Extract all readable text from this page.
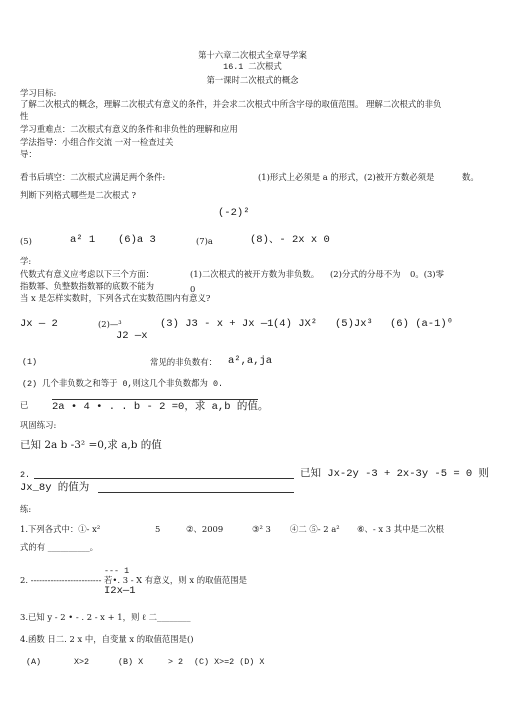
第十六章二次根式全章导学案
16.1 二次根式
第一课时二次根式的概念
学习目标:
了解二次根式的概念，理解二次根式有意义的条件，并会求二次根式中所含字母的取值范围。 理解二次根式的非负
性
学习重难点：二次根式有意义的条件和非负性的理解和应用
学法指导：小组合作交流 一对一检查过关
导：
看书后填空：二次根式应满足两个条件:	(1)形式上必须是 a 的形式，(2)被开方数必须是	数。
判断下列格式哪些是二次根式 ?
(-2)²
(5)	a² 1 (6)a 3	(7)a	(8)、- 2x x 0
学:
代数式有意义应考虑以下三个方面：	(1)二次根式的被开方数为非负数。 (2)分式的分母不为 0。(3)零
指数幂、负整数指数幂的底数不能为	0
当 x 是怎样实数时，下列各式在实数范围内有意义?
Jx — 2	(2)—³
J2 —x
(3) J3 - x + Jx —1 (4) JX² (5)Jx³ (6) (a-1)⁰
(1)	常见的非负数有： a²,a,ja
(2) 几个非负数之和等于 0,则这几个非负数都为 0.
已 2a • 4 • . . b - 2 =0，求 a,b 的值。
巩固练习:
已知 2a b -3² =0,求 a,b 的值
2.	已知 Jx-2y -3 + 2x-3y -5 = 0 则
Jx_8y 的值为
练:
1.下列各式中：①- x²	5	②、2009	③² 3 ④二 ⑤- 2 a² ⑥、- x 3 其中是二次根
式的有 __________。
--- 1
2. ------------------------- 若•. 3 - X 有意义，则 x 的取值范围是
I2x—1
3.已知 y - 2 • - . 2 - x + 1，则 ℓ 二________
4.函数 日二. 2 x 中，自变量 x 的取值范围是()
(A)	X>2	(B) X	> 2 (C) X>=2 (D) X
